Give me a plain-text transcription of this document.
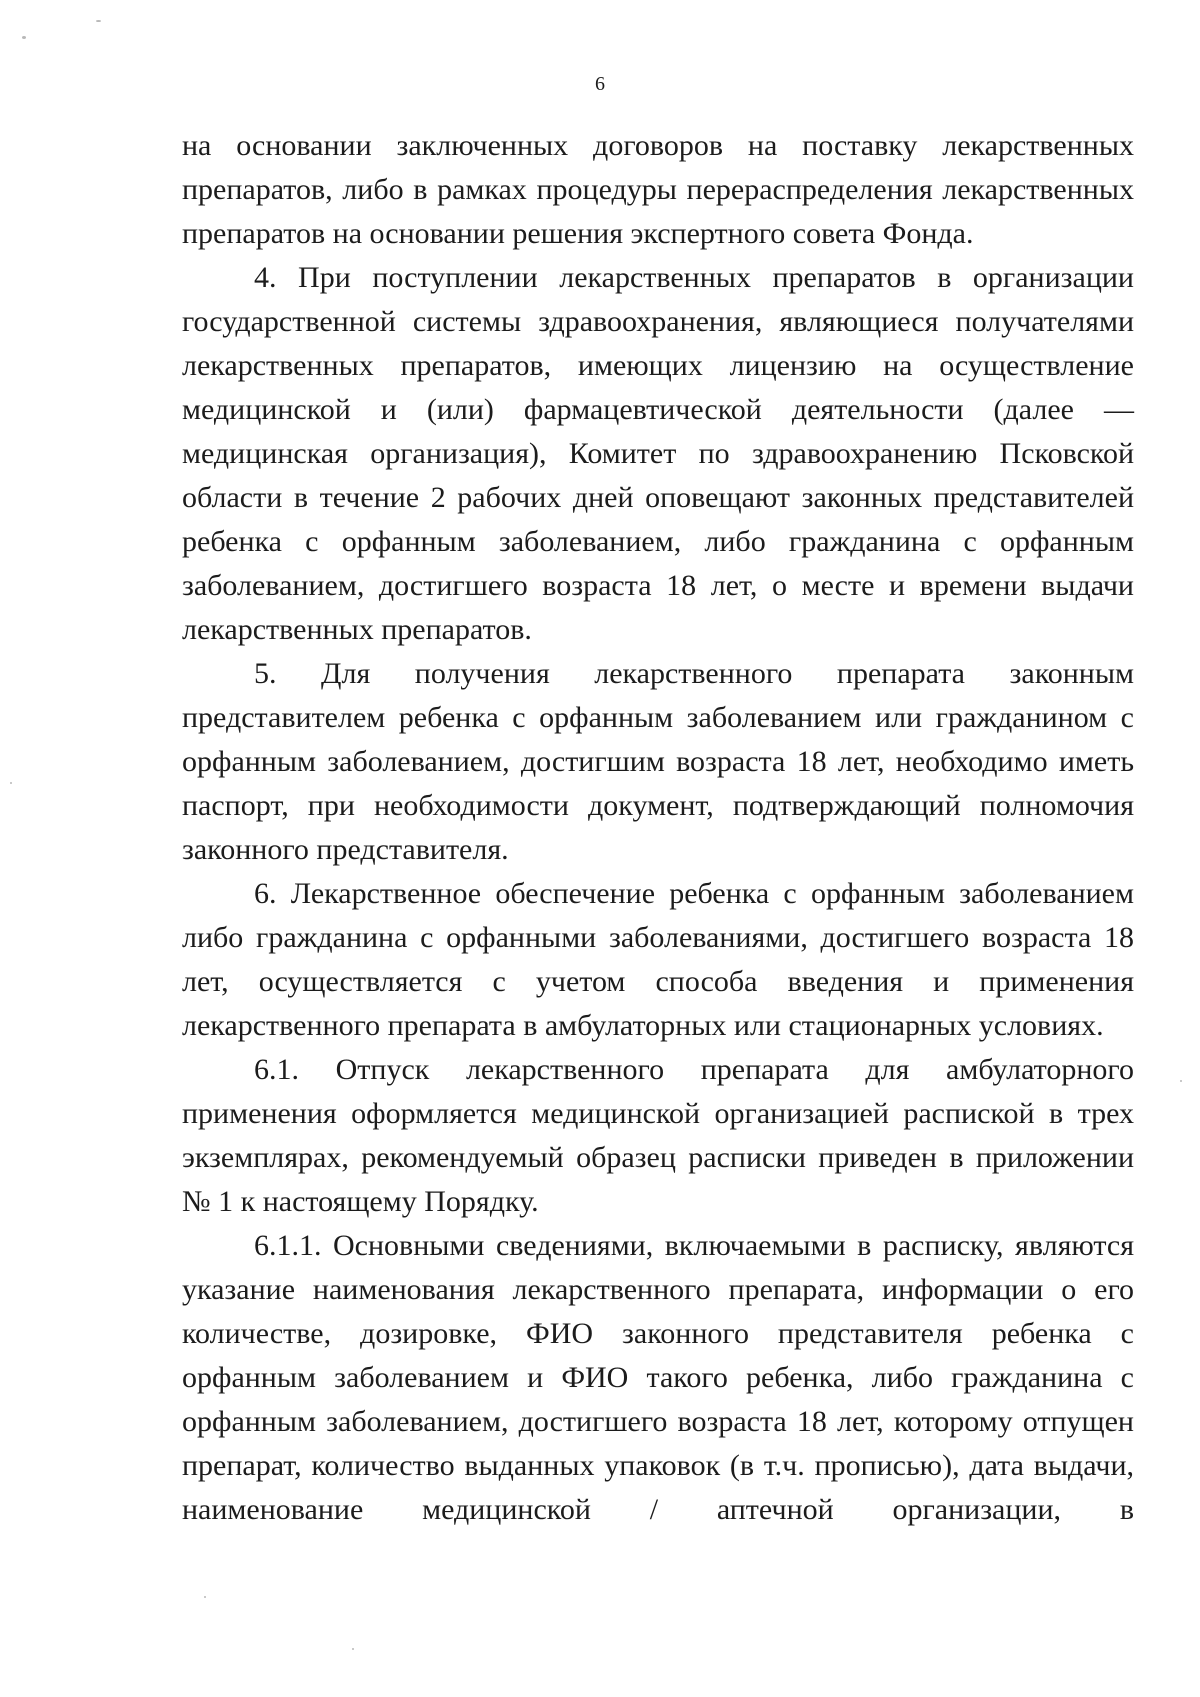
6

на основании заключенных договоров на поставку лекарственных препаратов, либо в рамках процедуры перераспределения лекарственных препаратов на основании решения экспертного совета Фонда.

4. При поступлении лекарственных препаратов в организации государственной системы здравоохранения, являющиеся получателями лекарственных препаратов, имеющих лицензию на осуществление медицинской и (или) фармацевтической деятельности (далее — медицинская организация), Комитет по здравоохранению Псковской области в течение 2 рабочих дней оповещают законных представителей ребенка с орфанным заболеванием, либо гражданина с орфанным заболеванием, достигшего возраста 18 лет, о месте и времени выдачи лекарственных препаратов.

5. Для получения лекарственного препарата законным представителем ребенка с орфанным заболеванием или гражданином с орфанным заболеванием, достигшим возраста 18 лет, необходимо иметь паспорт, при необходимости документ, подтверждающий полномочия законного представителя.

6. Лекарственное обеспечение ребенка с орфанным заболеванием либо гражданина с орфанными заболеваниями, достигшего возраста 18 лет, осуществляется с учетом способа введения и применения лекарственного препарата в амбулаторных или стационарных условиях.

6.1. Отпуск лекарственного препарата для амбулаторного применения оформляется медицинской организацией распиской в трех экземплярах, рекомендуемый образец расписки приведен в приложении № 1 к настоящему Порядку.

6.1.1. Основными сведениями, включаемыми в расписку, являются указание наименования лекарственного препарата, информации о его количестве, дозировке, ФИО законного представителя ребенка с орфанным заболеванием и ФИО такого ребенка, либо гражданина с орфанным заболеванием, достигшего возраста 18 лет, которому отпущен препарат, количество выданных упаковок (в т.ч. прописью), дата выдачи, наименование медицинской / аптечной организации, в
